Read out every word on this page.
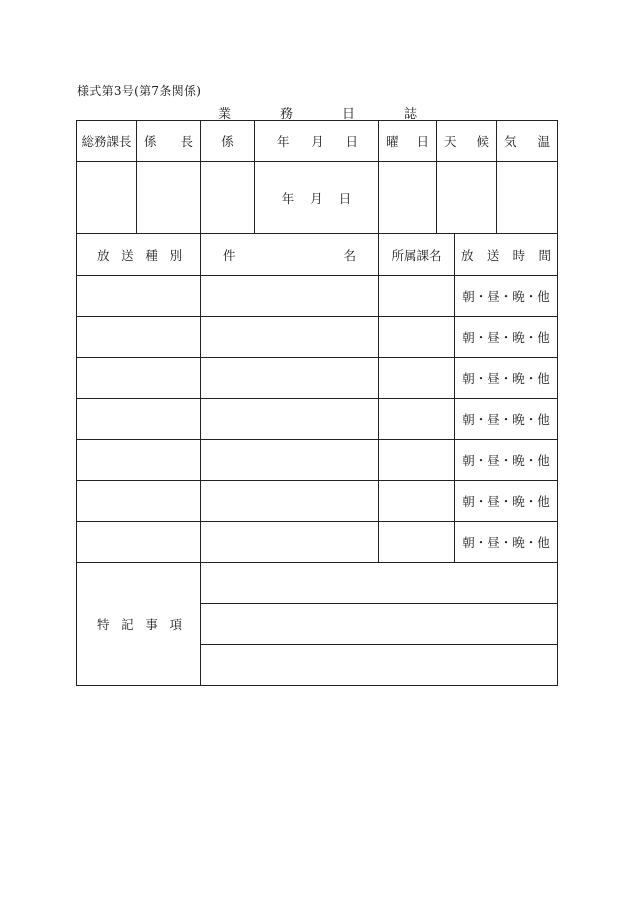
様式第3号(第7条関係)
業	務	日	誌
総務課長	係 長	係	年 月 日	曜 日	天 候	気 温

			年 月 日			

放 送 種 別	件 名	所属課名	放 送 時 間

			朝・昼・晩・他
			朝・昼・晩・他
			朝・昼・晩・他
			朝・昼・晩・他
			朝・昼・晩・他
			朝・昼・晩・他
			朝・昼・晩・他
特 記 事 項
